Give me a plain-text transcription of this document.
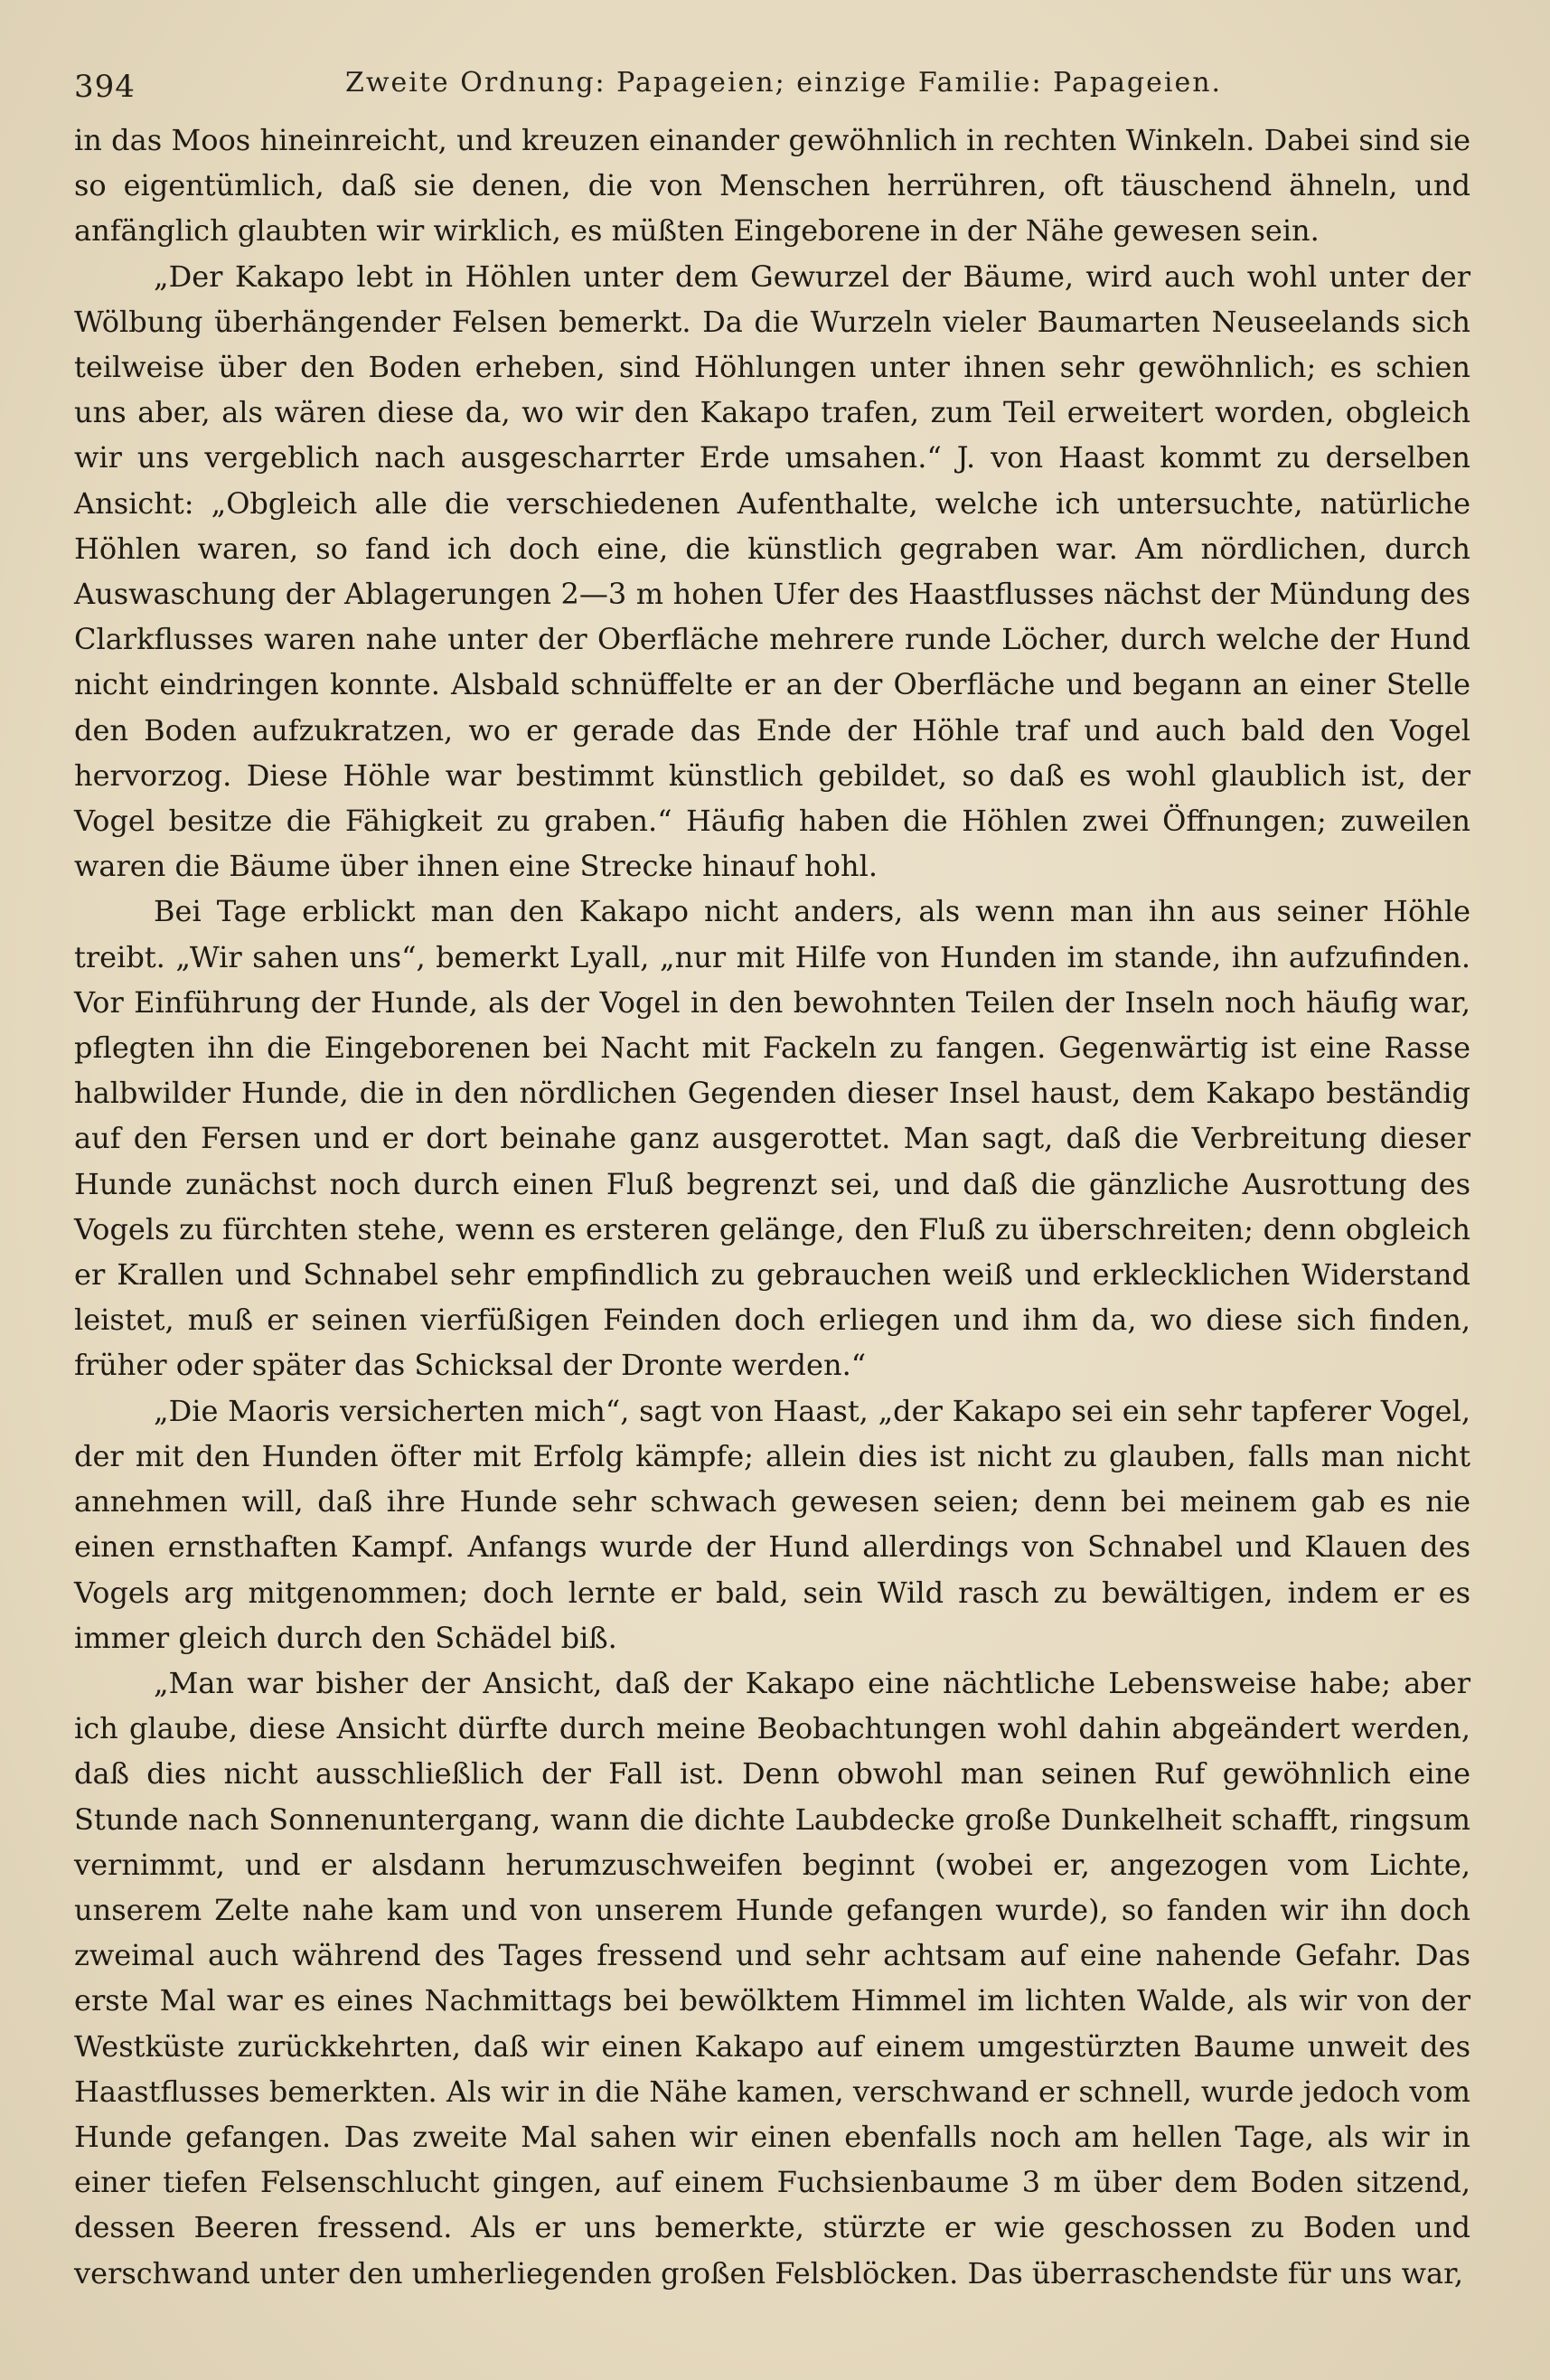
394	Zweite Ordnung: Papageien; einzige Familie: Papageien.

in das Moos hineinreicht, und kreuzen einander gewöhnlich in rechten Winkeln. Dabei sind sie so eigentümlich, daß sie denen, die von Menschen herrühren, oft täuschend ähneln, und anfänglich glaubten wir wirklich, es müßten Eingeborene in der Nähe gewesen sein.

„Der Kakapo lebt in Höhlen unter dem Gewurzel der Bäume, wird auch wohl unter der Wölbung überhängender Felsen bemerkt. Da die Wurzeln vieler Baumarten Neuseelands sich teilweise über den Boden erheben, sind Höhlungen unter ihnen sehr gewöhnlich; es schien uns aber, als wären diese da, wo wir den Kakapo trafen, zum Teil erweitert worden, obgleich wir uns vergeblich nach ausgescharrter Erde umsahen.“ J. von Haast kommt zu derselben Ansicht: „Obgleich alle die verschiedenen Aufenthalte, welche ich untersuchte, natürliche Höhlen waren, so fand ich doch eine, die künstlich gegraben war. Am nördlichen, durch Auswaschung der Ablagerungen 2—3 m hohen Ufer des Haastflusses nächst der Mündung des Clarkflusses waren nahe unter der Oberfläche mehrere runde Löcher, durch welche der Hund nicht eindringen konnte. Alsbald schnüffelte er an der Oberfläche und begann an einer Stelle den Boden aufzukratzen, wo er gerade das Ende der Höhle traf und auch bald den Vogel hervorzog. Diese Höhle war bestimmt künstlich gebildet, so daß es wohl glaublich ist, der Vogel besitze die Fähigkeit zu graben.“ Häufig haben die Höhlen zwei Öffnungen; zuweilen waren die Bäume über ihnen eine Strecke hinauf hohl.

Bei Tage erblickt man den Kakapo nicht anders, als wenn man ihn aus seiner Höhle treibt. „Wir sahen uns“, bemerkt Lyall, „nur mit Hilfe von Hunden im stande, ihn aufzufinden. Vor Einführung der Hunde, als der Vogel in den bewohnten Teilen der Inseln noch häufig war, pflegten ihn die Eingeborenen bei Nacht mit Fackeln zu fangen. Gegenwärtig ist eine Rasse halbwilder Hunde, die in den nördlichen Gegenden dieser Insel haust, dem Kakapo beständig auf den Fersen und er dort beinahe ganz ausgerottet. Man sagt, daß die Verbreitung dieser Hunde zunächst noch durch einen Fluß begrenzt sei, und daß die gänzliche Ausrottung des Vogels zu fürchten stehe, wenn es ersteren gelänge, den Fluß zu überschreiten; denn obgleich er Krallen und Schnabel sehr empfindlich zu gebrauchen weiß und erklecklichen Widerstand leistet, muß er seinen vierfüßigen Feinden doch erliegen und ihm da, wo diese sich finden, früher oder später das Schicksal der Dronte werden.“

„Die Maoris versicherten mich“, sagt von Haast, „der Kakapo sei ein sehr tapferer Vogel, der mit den Hunden öfter mit Erfolg kämpfe; allein dies ist nicht zu glauben, falls man nicht annehmen will, daß ihre Hunde sehr schwach gewesen seien; denn bei meinem gab es nie einen ernsthaften Kampf. Anfangs wurde der Hund allerdings von Schnabel und Klauen des Vogels arg mitgenommen; doch lernte er bald, sein Wild rasch zu bewältigen, indem er es immer gleich durch den Schädel biß.

„Man war bisher der Ansicht, daß der Kakapo eine nächtliche Lebensweise habe; aber ich glaube, diese Ansicht dürfte durch meine Beobachtungen wohl dahin abgeändert werden, daß dies nicht ausschließlich der Fall ist. Denn obwohl man seinen Ruf gewöhnlich eine Stunde nach Sonnenuntergang, wann die dichte Laubdecke große Dunkelheit schafft, ringsum vernimmt, und er alsdann herumzuschweifen beginnt (wobei er, angezogen vom Lichte, unserem Zelte nahe kam und von unserem Hunde gefangen wurde), so fanden wir ihn doch zweimal auch während des Tages fressend und sehr achtsam auf eine nahende Gefahr. Das erste Mal war es eines Nachmittags bei bewölktem Himmel im lichten Walde, als wir von der Westküste zurückkehrten, daß wir einen Kakapo auf einem umgestürzten Baume unweit des Haastflusses bemerkten. Als wir in die Nähe kamen, verschwand er schnell, wurde jedoch vom Hunde gefangen. Das zweite Mal sahen wir einen ebenfalls noch am hellen Tage, als wir in einer tiefen Felsenschlucht gingen, auf einem Fuchsienbaume 3 m über dem Boden sitzend, dessen Beeren fressend. Als er uns bemerkte, stürzte er wie geschossen zu Boden und verschwand unter den umherliegenden großen Felsblöcken. Das überraschendste für uns war,
